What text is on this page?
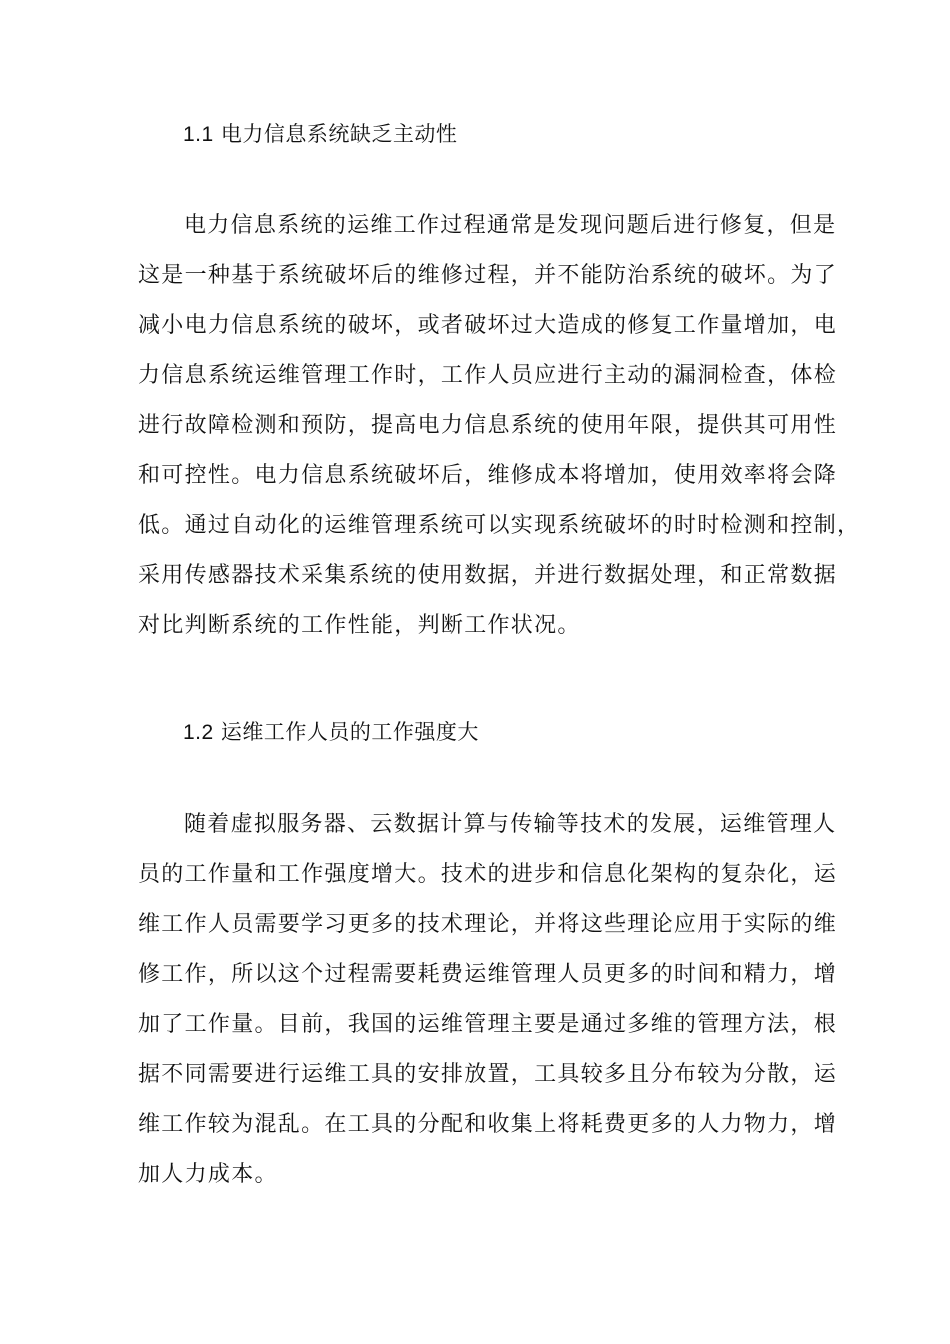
1.1 电力信息系统缺乏主动性
电力信息系统的运维工作过程通常是发现问题后进行修复，但是
这是一种基于系统破坏后的维修过程，并不能防治系统的破坏。为了
减小电力信息系统的破坏，或者破坏过大造成的修复工作量增加，电
力信息系统运维管理工作时，工作人员应进行主动的漏洞检查，体检
进行故障检测和预防，提高电力信息系统的使用年限，提供其可用性
和可控性。电力信息系统破坏后，维修成本将增加，使用效率将会降
低。通过自动化的运维管理系统可以实现系统破坏的时时检测和控制，
采用传感器技术采集系统的使用数据，并进行数据处理，和正常数据
对比判断系统的工作性能，判断工作状况。
1.2 运维工作人员的工作强度大
随着虚拟服务器、云数据计算与传输等技术的发展，运维管理人
员的工作量和工作强度增大。技术的进步和信息化架构的复杂化，运
维工作人员需要学习更多的技术理论，并将这些理论应用于实际的维
修工作，所以这个过程需要耗费运维管理人员更多的时间和精力，增
加了工作量。目前，我国的运维管理主要是通过多维的管理方法，根
据不同需要进行运维工具的安排放置，工具较多且分布较为分散，运
维工作较为混乱。在工具的分配和收集上将耗费更多的人力物力，增
加人力成本。
